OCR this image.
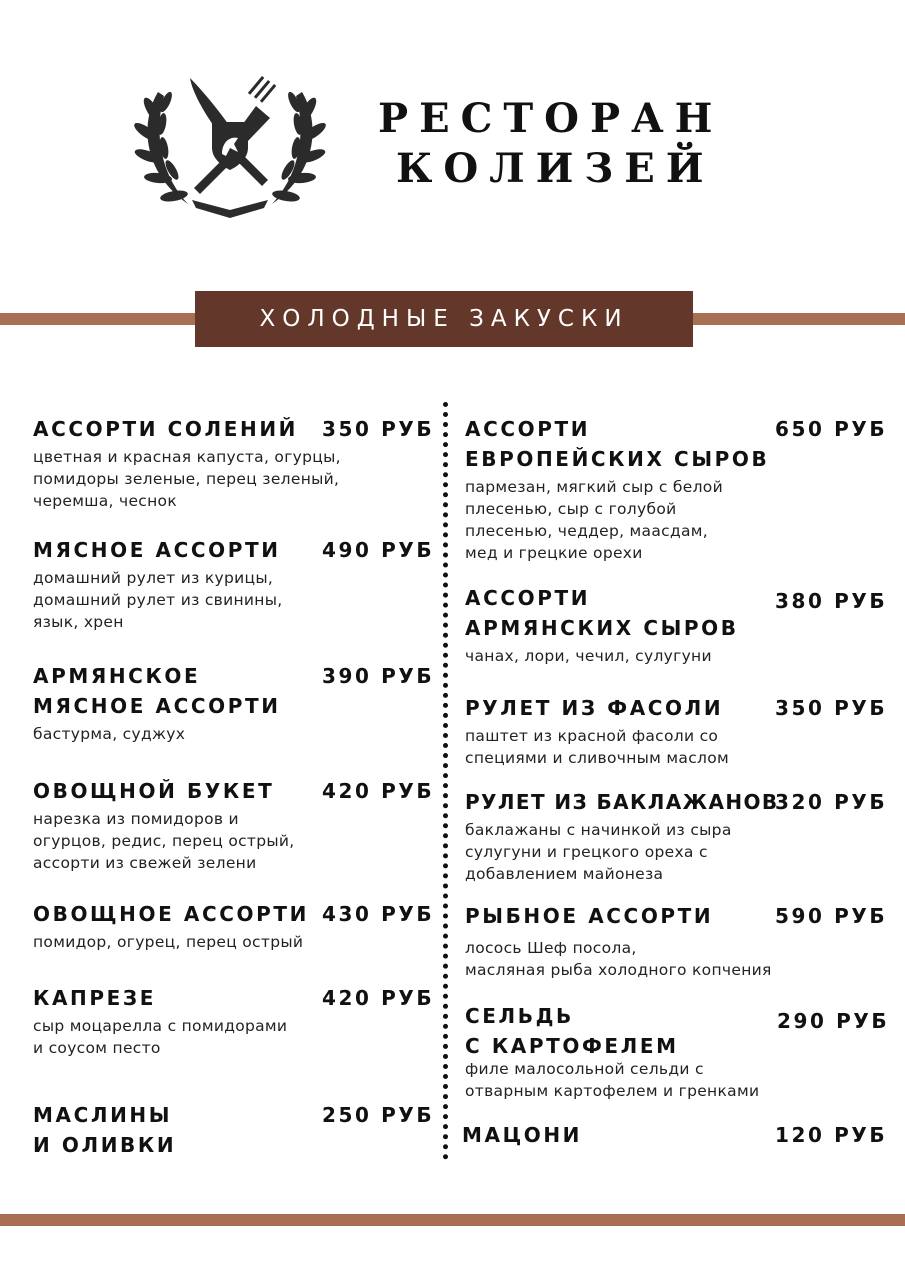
РЕСТОРАН
КОЛИЗЕЙ
ХОЛОДНЫЕ ЗАКУСКИ
АССОРТИ СОЛЕНИЙ	350 РУБ
цветная и красная капуста, огурцы,
помидоры зеленые, перец зеленый,
черемша, чеснок
МЯСНОЕ АССОРТИ	490 РУБ
домашний рулет из курицы,
домашний рулет из свинины,
язык, хрен
АРМЯНСКОЕ
МЯСНОЕ АССОРТИ
390 РУБ
бастурма, суджух
ОВОЩНОЙ БУКЕТ	420 РУБ
нарезка из помидоров и
огурцов, редис, перец острый,
ассорти из свежей зелени
ОВОЩНОЕ АССОРТИ 430 РУБ
помидор, огурец, перец острый
КАПРЕЗЕ	420 РУБ
сыр моцарелла с помидорами
и соусом песто
МАСЛИНЫ
И ОЛИВКИ
250 РУБ
АССОРТИ
ЕВРОПЕЙСКИХ СЫРОВ
650 РУБ
пармезан, мягкий сыр с белой
плесенью, сыр с голубой
плесенью, чеддер, маасдам,
мед и грецкие орехи
АССОРТИ
АРМЯНСКИХ СЫРОВ
380 РУБ
чанах, лори, чечил, сулугуни
РУЛЕТ ИЗ ФАСОЛИ	350 РУБ
паштет из красной фасоли со
специями и сливочным маслом
РУЛЕТ ИЗ БАКЛАЖАНОВ
320 РУБ
баклажаны с начинкой из сыра
сулугуни и грецкого ореха с
добавлением майонеза
РЫБНОЕ АССОРТИ	590 РУБ
лосось Шеф посола,
масляная рыба холодного копчения
СЕЛЬДЬ
С КАРТОФЕЛЕМ
290 РУБ
филе малосольной сельди с
отварным картофелем и гренками
МАЦОНИ	120 РУБ
